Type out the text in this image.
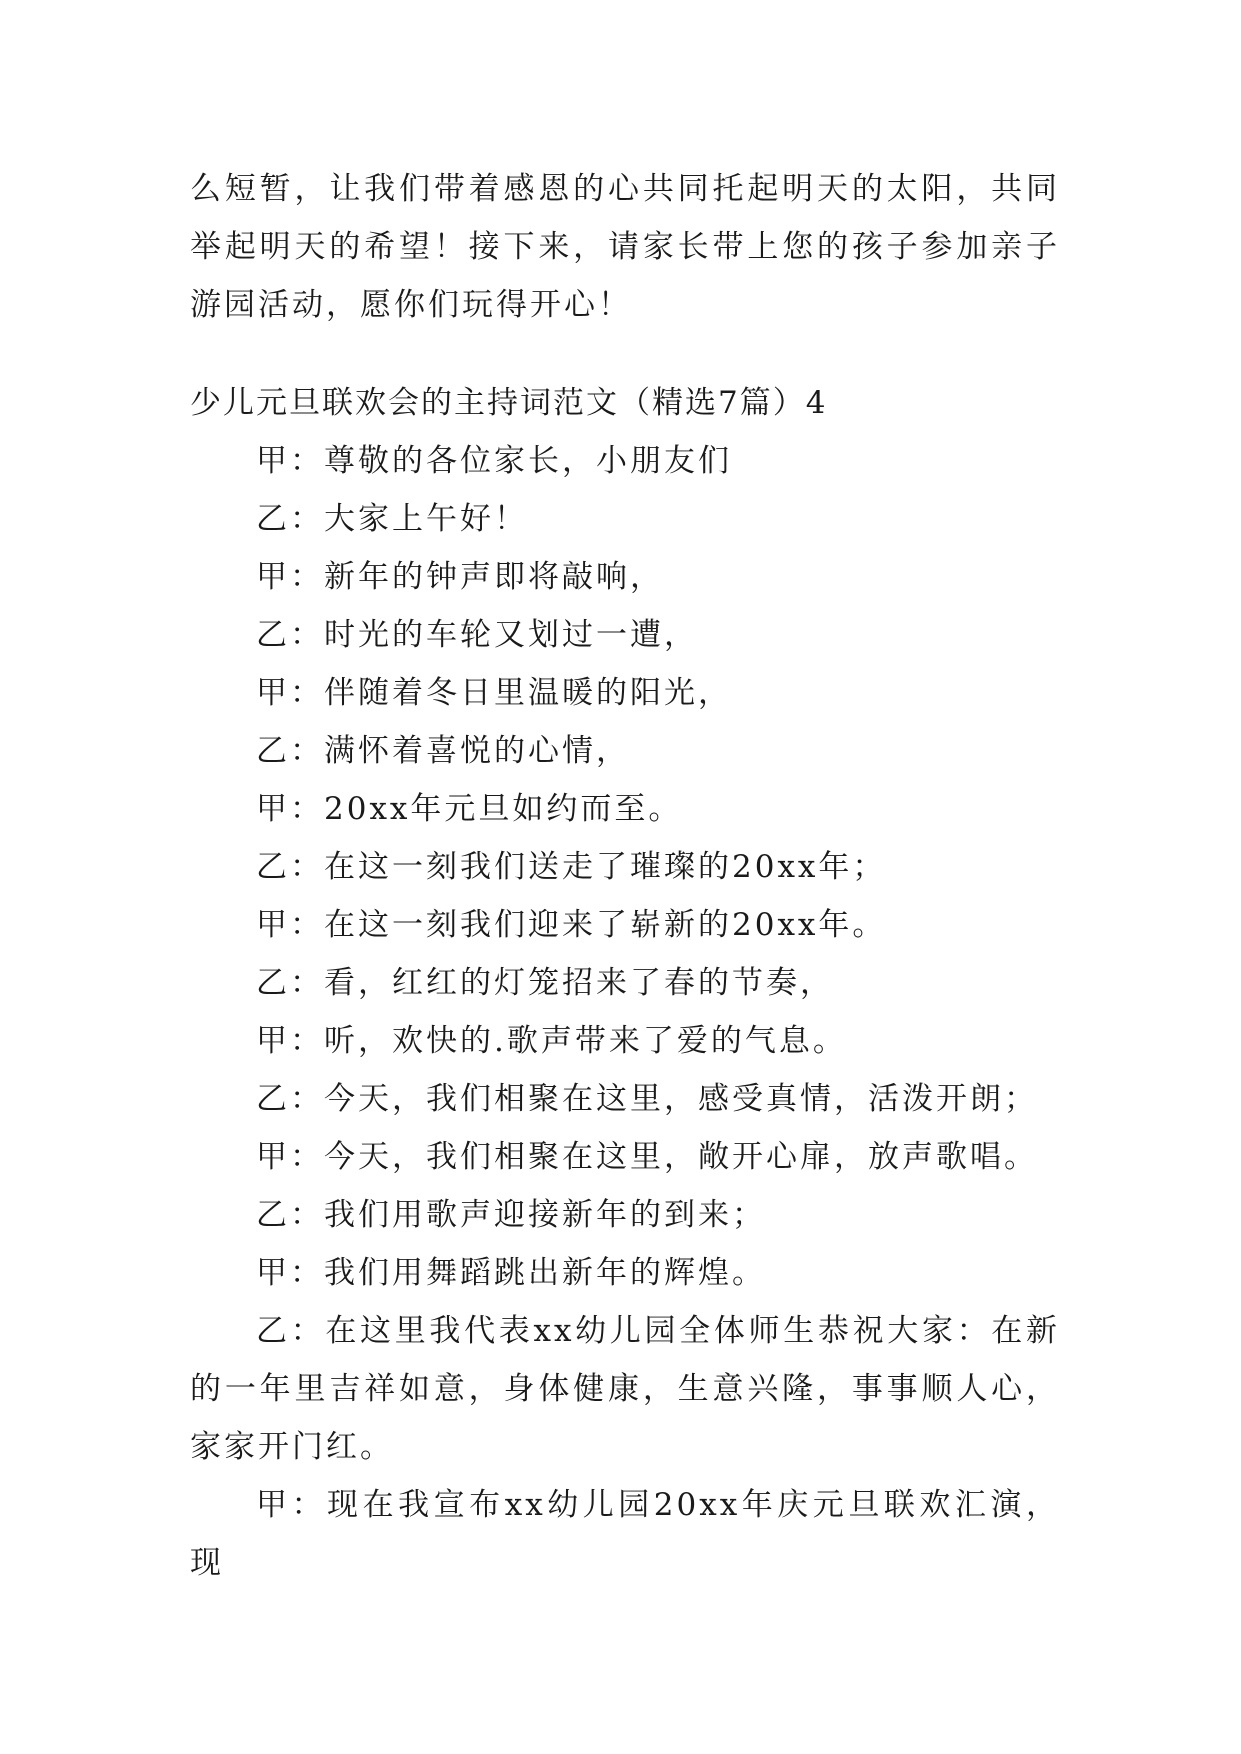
么短暂，让我们带着感恩的心共同托起明天的太阳，共同举起明天的希望！接下来，请家长带上您的孩子参加亲子游园活动，愿你们玩得开心！

少儿元旦联欢会的主持词范文（精选7篇）4

甲：尊敬的各位家长，小朋友们
乙：大家上午好！
甲：新年的钟声即将敲响，
乙：时光的车轮又划过一遭，
甲：伴随着冬日里温暖的阳光，
乙：满怀着喜悦的心情，
甲：20xx年元旦如约而至。
乙：在这一刻我们送走了璀璨的20xx年；
甲：在这一刻我们迎来了崭新的20xx年。
乙：看，红红的灯笼招来了春的节奏，
甲：听，欢快的.歌声带来了爱的气息。
乙：今天，我们相聚在这里，感受真情，活泼开朗；
甲：今天，我们相聚在这里，敞开心扉，放声歌唱。
乙：我们用歌声迎接新年的到来；
甲：我们用舞蹈跳出新年的辉煌。
乙：在这里我代表xx幼儿园全体师生恭祝大家：在新的一年里吉祥如意，身体健康，生意兴隆，事事顺人心，家家开门红。
甲：现在我宣布xx幼儿园20xx年庆元旦联欢汇演，现
